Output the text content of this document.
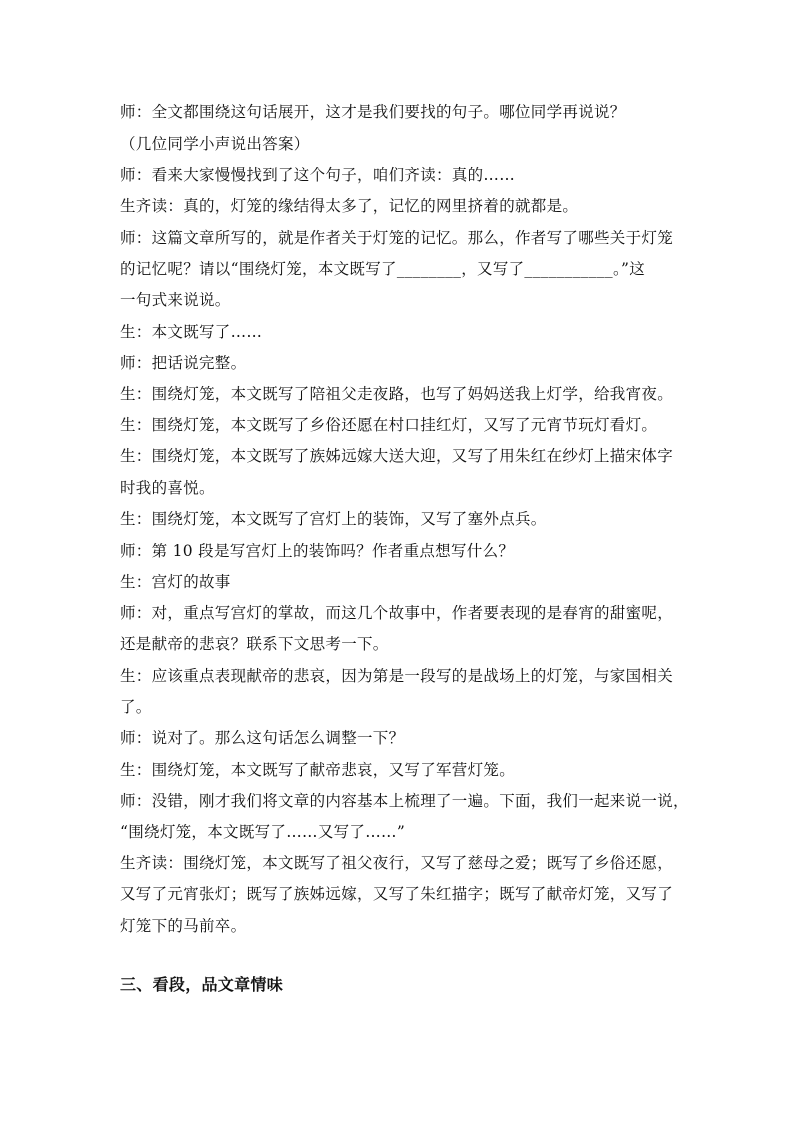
师：全文都围绕这句话展开，这才是我们要找的句子。哪位同学再说说？
（几位同学小声说出答案）
师：看来大家慢慢找到了这个句子，咱们齐读：真的……
生齐读：真的，灯笼的缘结得太多了，记忆的网里挤着的就都是。
师：这篇文章所写的，就是作者关于灯笼的记忆。那么，作者写了哪些关于灯笼
的记忆呢？请以“围绕灯笼，本文既写了________，又写了___________。”这
一句式来说说。
生：本文既写了……
师：把话说完整。
生：围绕灯笼，本文既写了陪祖父走夜路，也写了妈妈送我上灯学，给我宵夜。
生：围绕灯笼，本文既写了乡俗还愿在村口挂红灯，又写了元宵节玩灯看灯。
生：围绕灯笼，本文既写了族姊远嫁大送大迎，又写了用朱红在纱灯上描宋体字
时我的喜悦。
生：围绕灯笼，本文既写了宫灯上的装饰，又写了塞外点兵。
师：第 10 段是写宫灯上的装饰吗？作者重点想写什么？
生：宫灯的故事
师：对，重点写宫灯的掌故，而这几个故事中，作者要表现的是春宵的甜蜜呢，
还是献帝的悲哀？联系下文思考一下。
生：应该重点表现献帝的悲哀，因为第是一段写的是战场上的灯笼，与家国相关
了。
师：说对了。那么这句话怎么调整一下？
生：围绕灯笼，本文既写了献帝悲哀，又写了军营灯笼。
师：没错，刚才我们将文章的内容基本上梳理了一遍。下面，我们一起来说一说，
“围绕灯笼，本文既写了……又写了……”
生齐读：围绕灯笼，本文既写了祖父夜行，又写了慈母之爱；既写了乡俗还愿，
又写了元宵张灯；既写了族姊远嫁，又写了朱红描字；既写了献帝灯笼，又写了
灯笼下的马前卒。
三、看段，品文章情味
